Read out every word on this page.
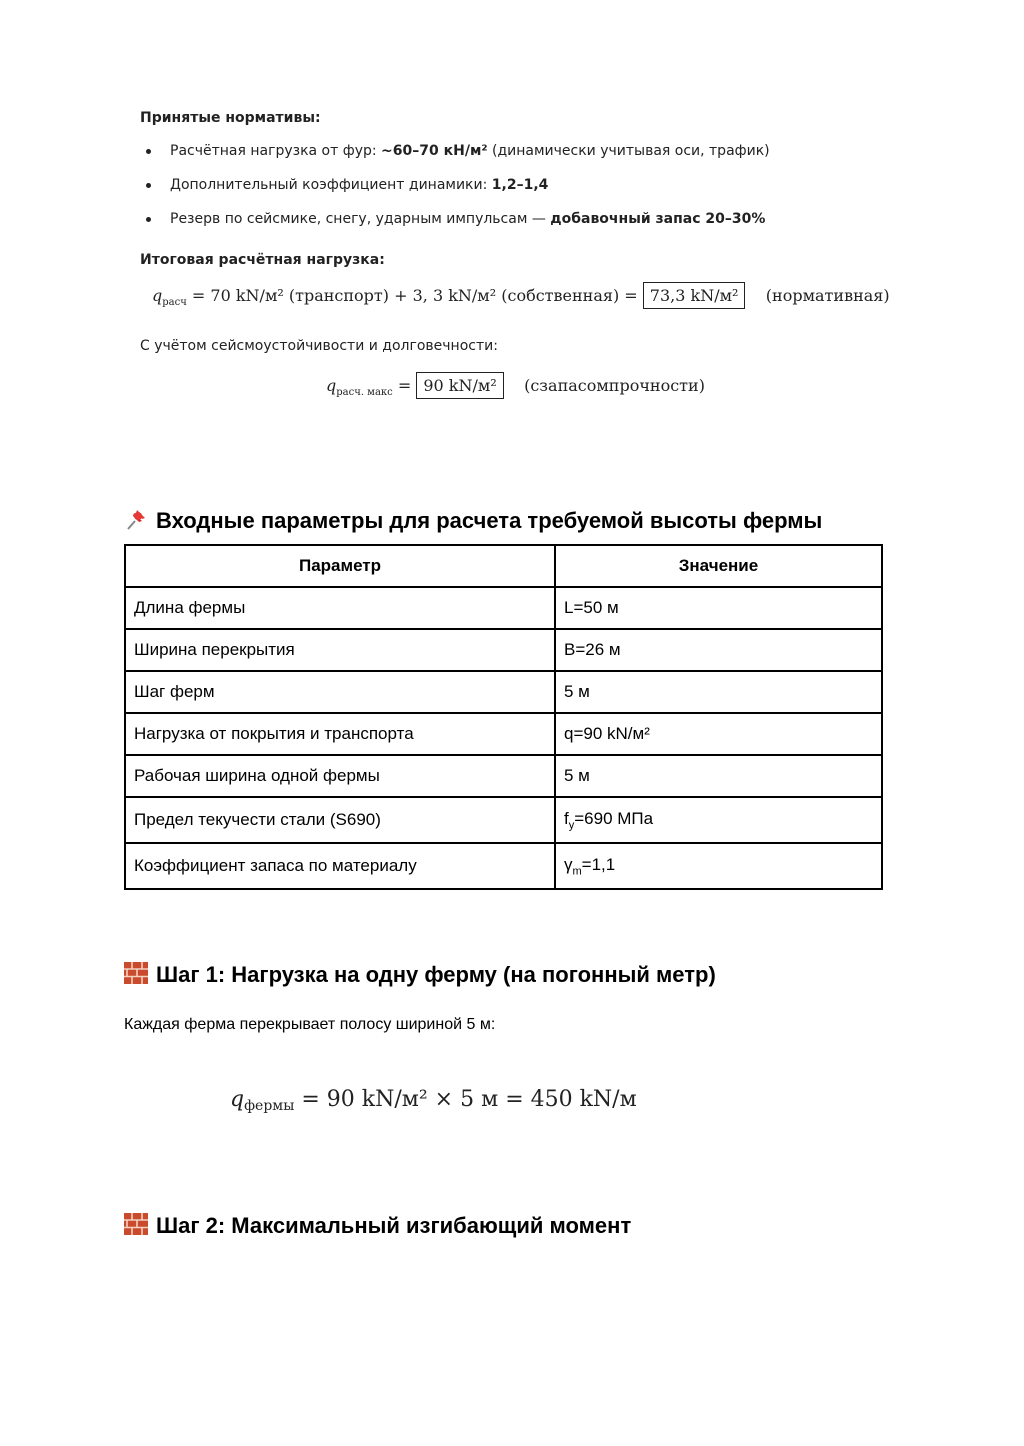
Принятые нормативы:
Расчётная нагрузка от фур: ~60–70 кН/м² (динамически учитывая оси, трафик)
Дополнительный коэффициент динамики: 1,2–1,4
Резерв по сейсмике, снегу, ударным импульсам — добавочный запас 20–30%
Итоговая расчётная нагрузка:
$q_{расч} = 70$ kN/м² (транспорт) + 3, 3 kN/м² (собственная) = 73,3 kN/м² (нормативная)
С учётом сейсмоустойчивости и долговечности:
$q_{расч. макс} = 90$ kN/м² (сзапасомпрочности)
Входные параметры для расчета требуемой высоты фермы
Параметр	Значение
Длина фермы	L=50 м
Ширина перекрытия	B=26 м
Шаг ферм	5 м
Нагрузка от покрытия и транспорта	q=90 kN/м²
Рабочая ширина одной фермы	5 м
Предел текучести стали (S690)	$f_y=690$ МПа
Коэффициент запаса по материалу	$\gamma_m=1,1$
Шаг 1: Нагрузка на одну ферму (на погонный метр)
Каждая ферма перекрывает полосу шириной 5 м:
$q_{фермы} = 90$ kN/м² × 5 м = 450 kN/м
Шаг 2: Максимальный изгибающий момент
